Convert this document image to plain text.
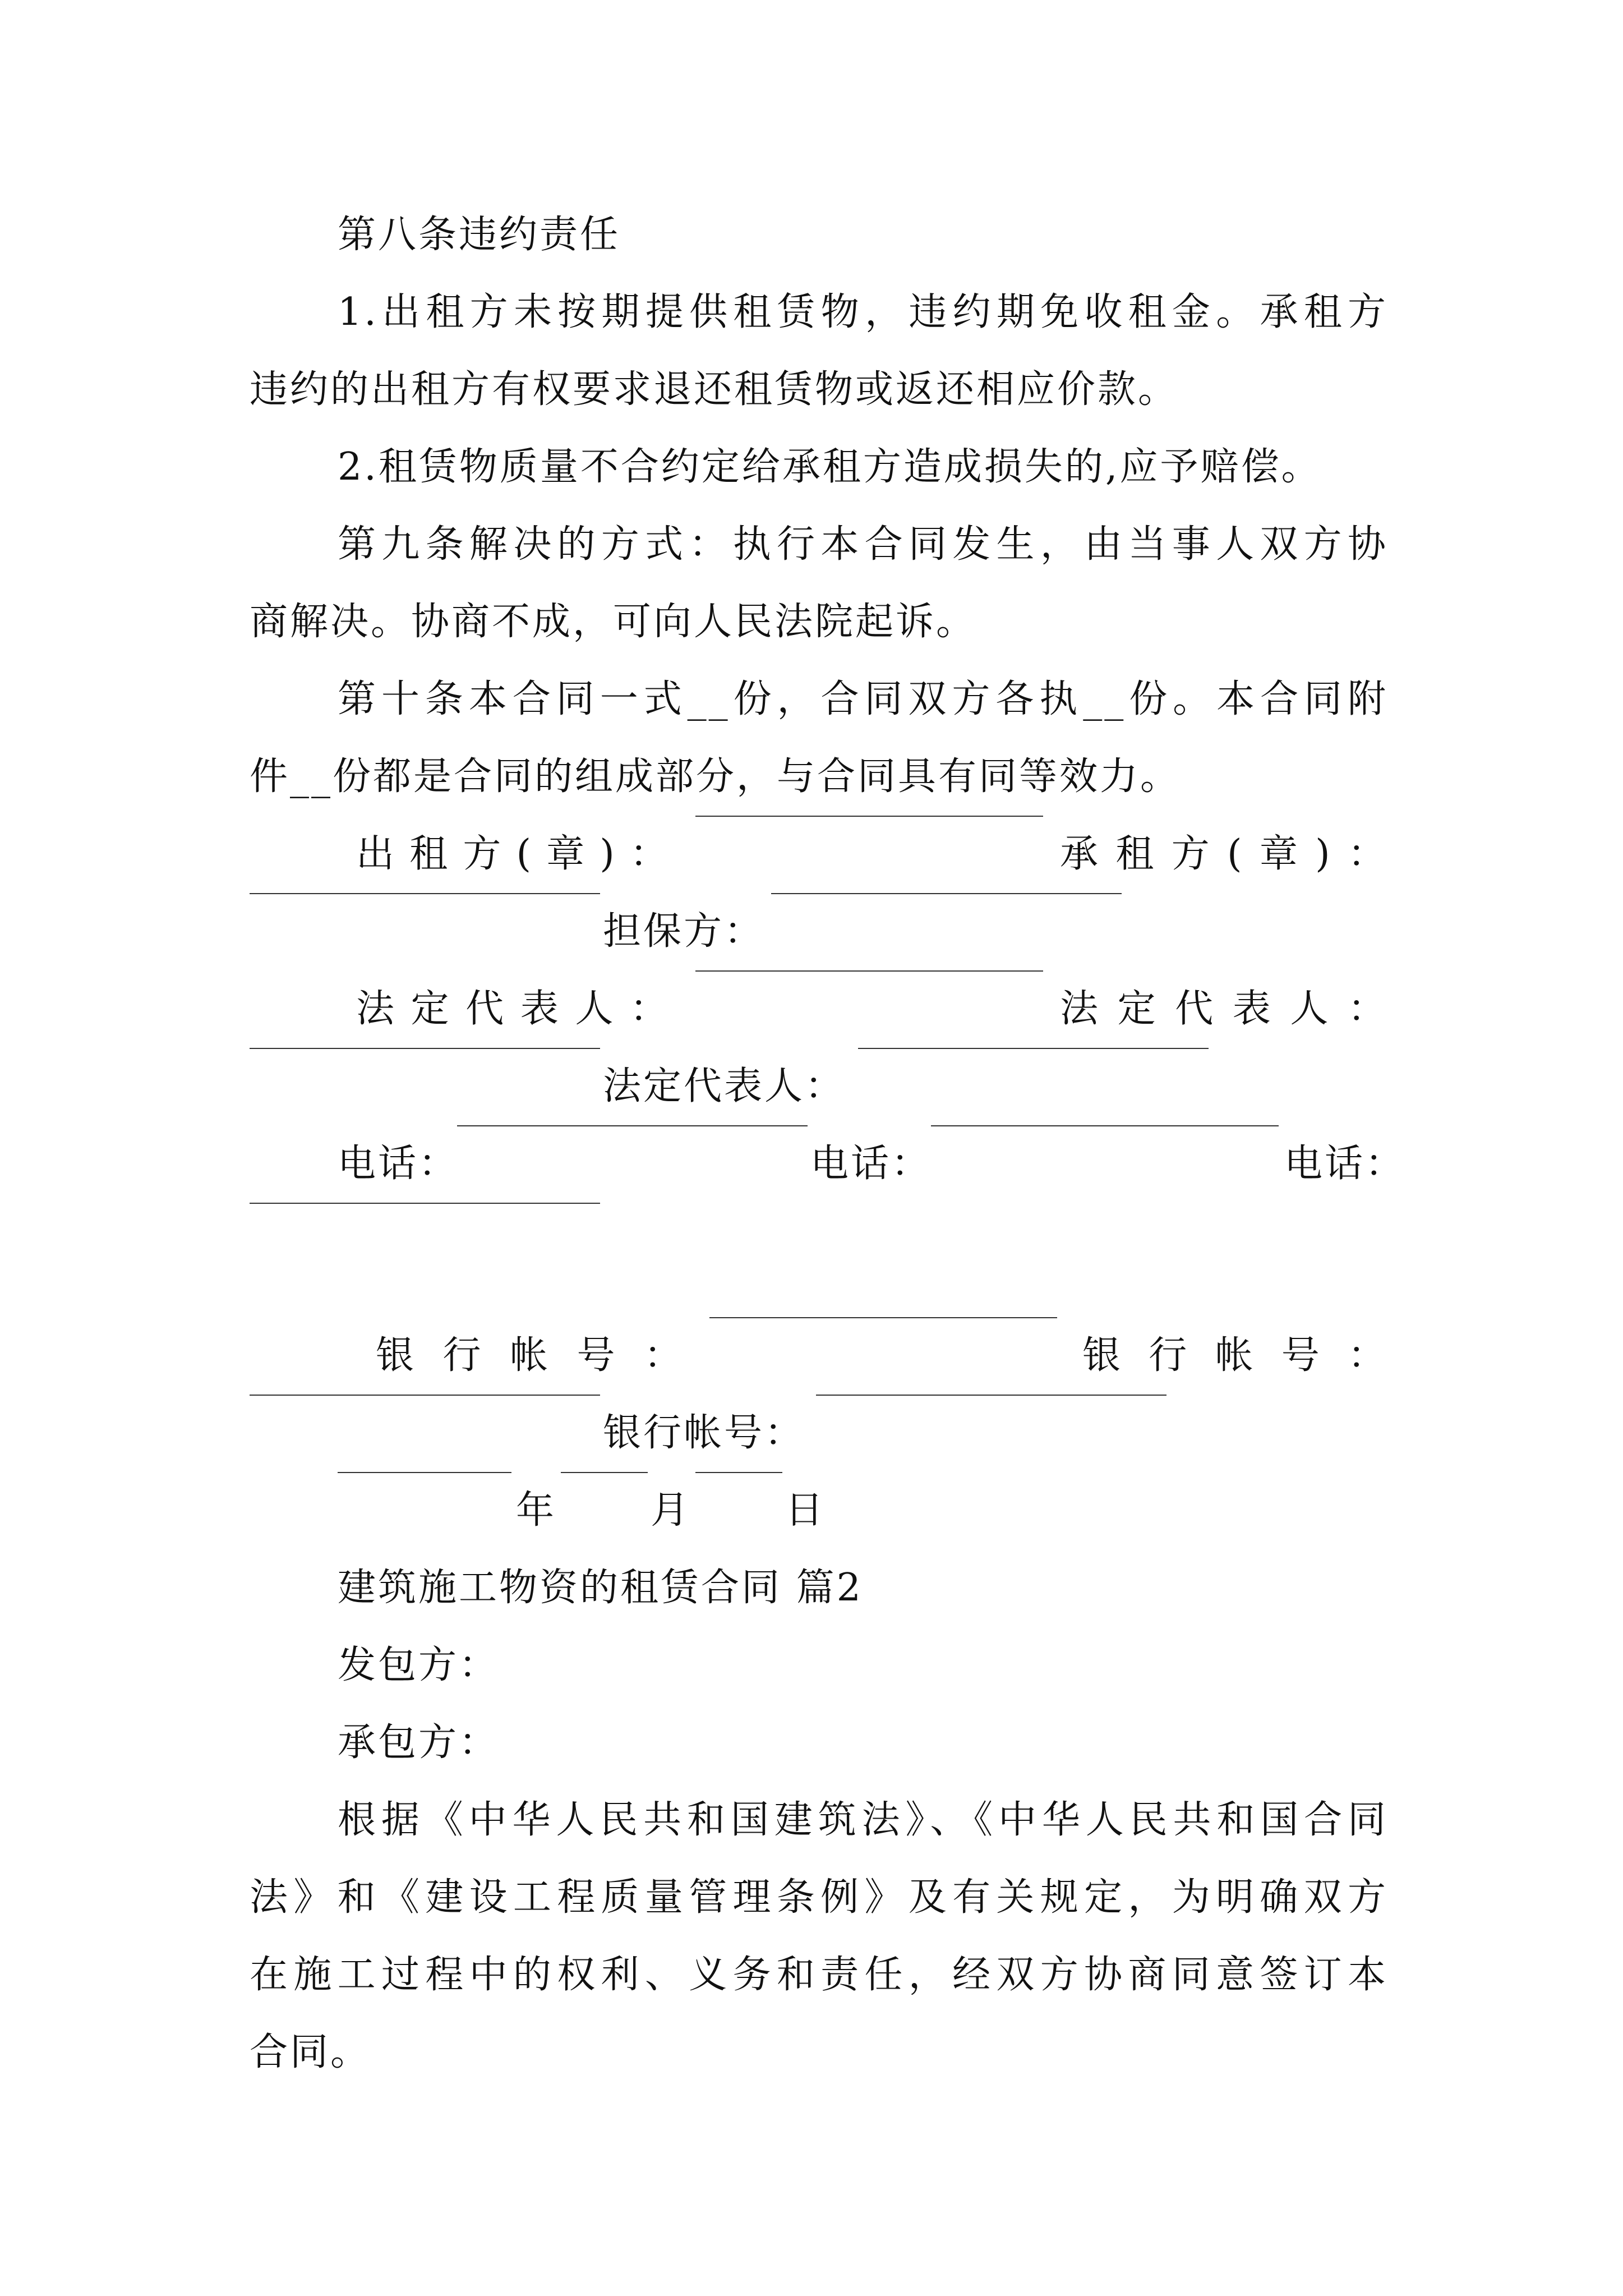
第八条违约责任

1.出租方未按期提供租赁物，违约期免收租金。承租方

违约的出租方有权要求退还租赁物或返还相应价款。

2.租赁物质量不合约定给承租方造成损失的,应予赔偿。

第九条解决的方式：执行本合同发生，由当事人双方协

商解决。协商不成，可向人民法院起诉。

第十条本合同一式__份，合同双方各执__份。本合同附

件__份都是合同的组成部分，与合同具有同等效力。

出租方(章)：	承租方(章)：
担保方：
法定代表人：	法定代表人：
法定代表人：
电话：	电话：	电话：
银行帐号：	银行帐号：
银行帐号：
年 月 日

建筑施工物资的租赁合同 篇2

发包方：

承包方：

根据《中华人民共和国建筑法》、《中华人民共和国合同

法》和《建设工程质量管理条例》及有关规定，为明确双方

在施工过程中的权利、义务和责任，经双方协商同意签订本

合同。
